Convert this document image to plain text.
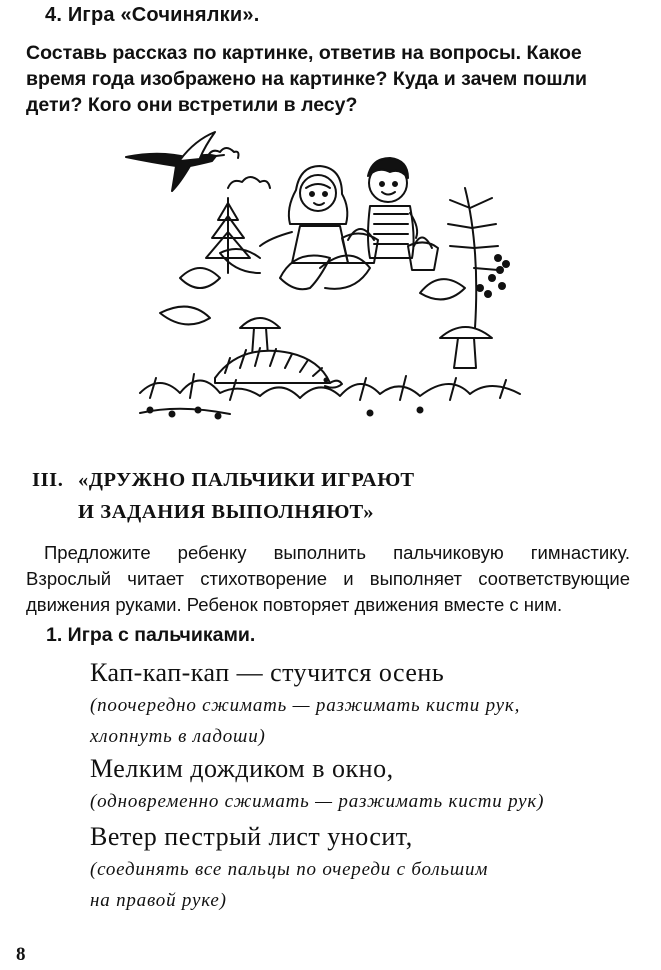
4. Игра «Сочинялки».
Составь рассказ по картинке, ответив на вопросы. Какое время года изображено на картинке? Куда и зачем пошли дети? Кого они встретили в лесу?
III. «ДРУЖНО ПАЛЬЧИКИ ИГРАЮТ
И ЗАДАНИЯ ВЫПОЛНЯЮТ»
Предложите ребенку выполнить пальчиковую гимнастику. Взрослый читает стихотворение и выполняет соответствующие движения руками. Ребенок повторяет движения вместе с ним.
1. Игра с пальчиками.
Кап-кап-кап — стучится осень
(поочередно сжимать — разжимать кисти рук,
хлопнуть в ладоши)
Мелким дождиком в окно,
(одновременно сжимать — разжимать кисти рук)
Ветер пестрый лист уносит,
(соединять все пальцы по очереди с большим
на правой руке)
8
